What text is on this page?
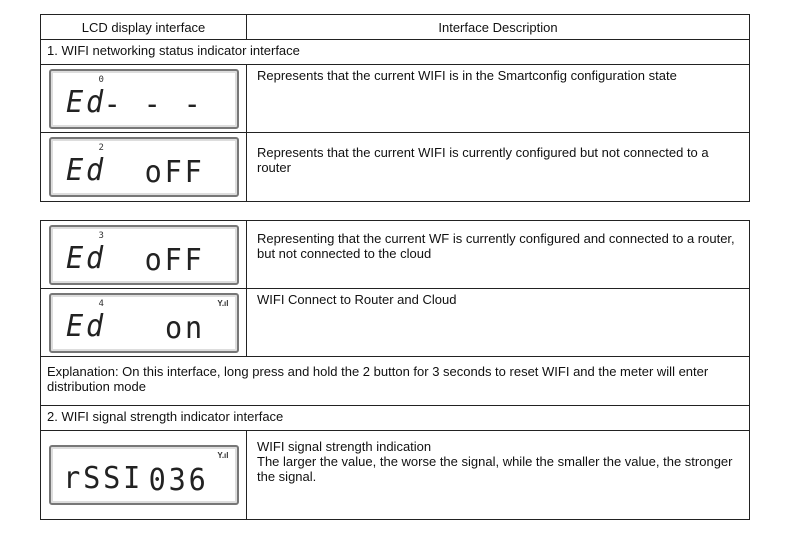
LCD display interface	Interface Description
1. WIFI networking status indicator interface
0
Ed
- - -
Represents that the current WIFI is in the Smartconfig configuration state
2
Ed oFF
Represents that the current WIFI is currently configured but not connected to a router
3
Ed oFF
Representing that the current WF is currently configured and connected to a router, but not connected to the cloud
4	Y.ıl
Ed on
WIFI Connect to Router and Cloud
Explanation: On this interface, long press and hold the 2 button for 3 seconds to reset WIFI and the meter will enter distribution mode
2. WIFI signal strength indicator interface
Y.ıl
rSSI 036
WIFI signal strength indication
The larger the value, the worse the signal, while the smaller the value, the stronger the signal.
